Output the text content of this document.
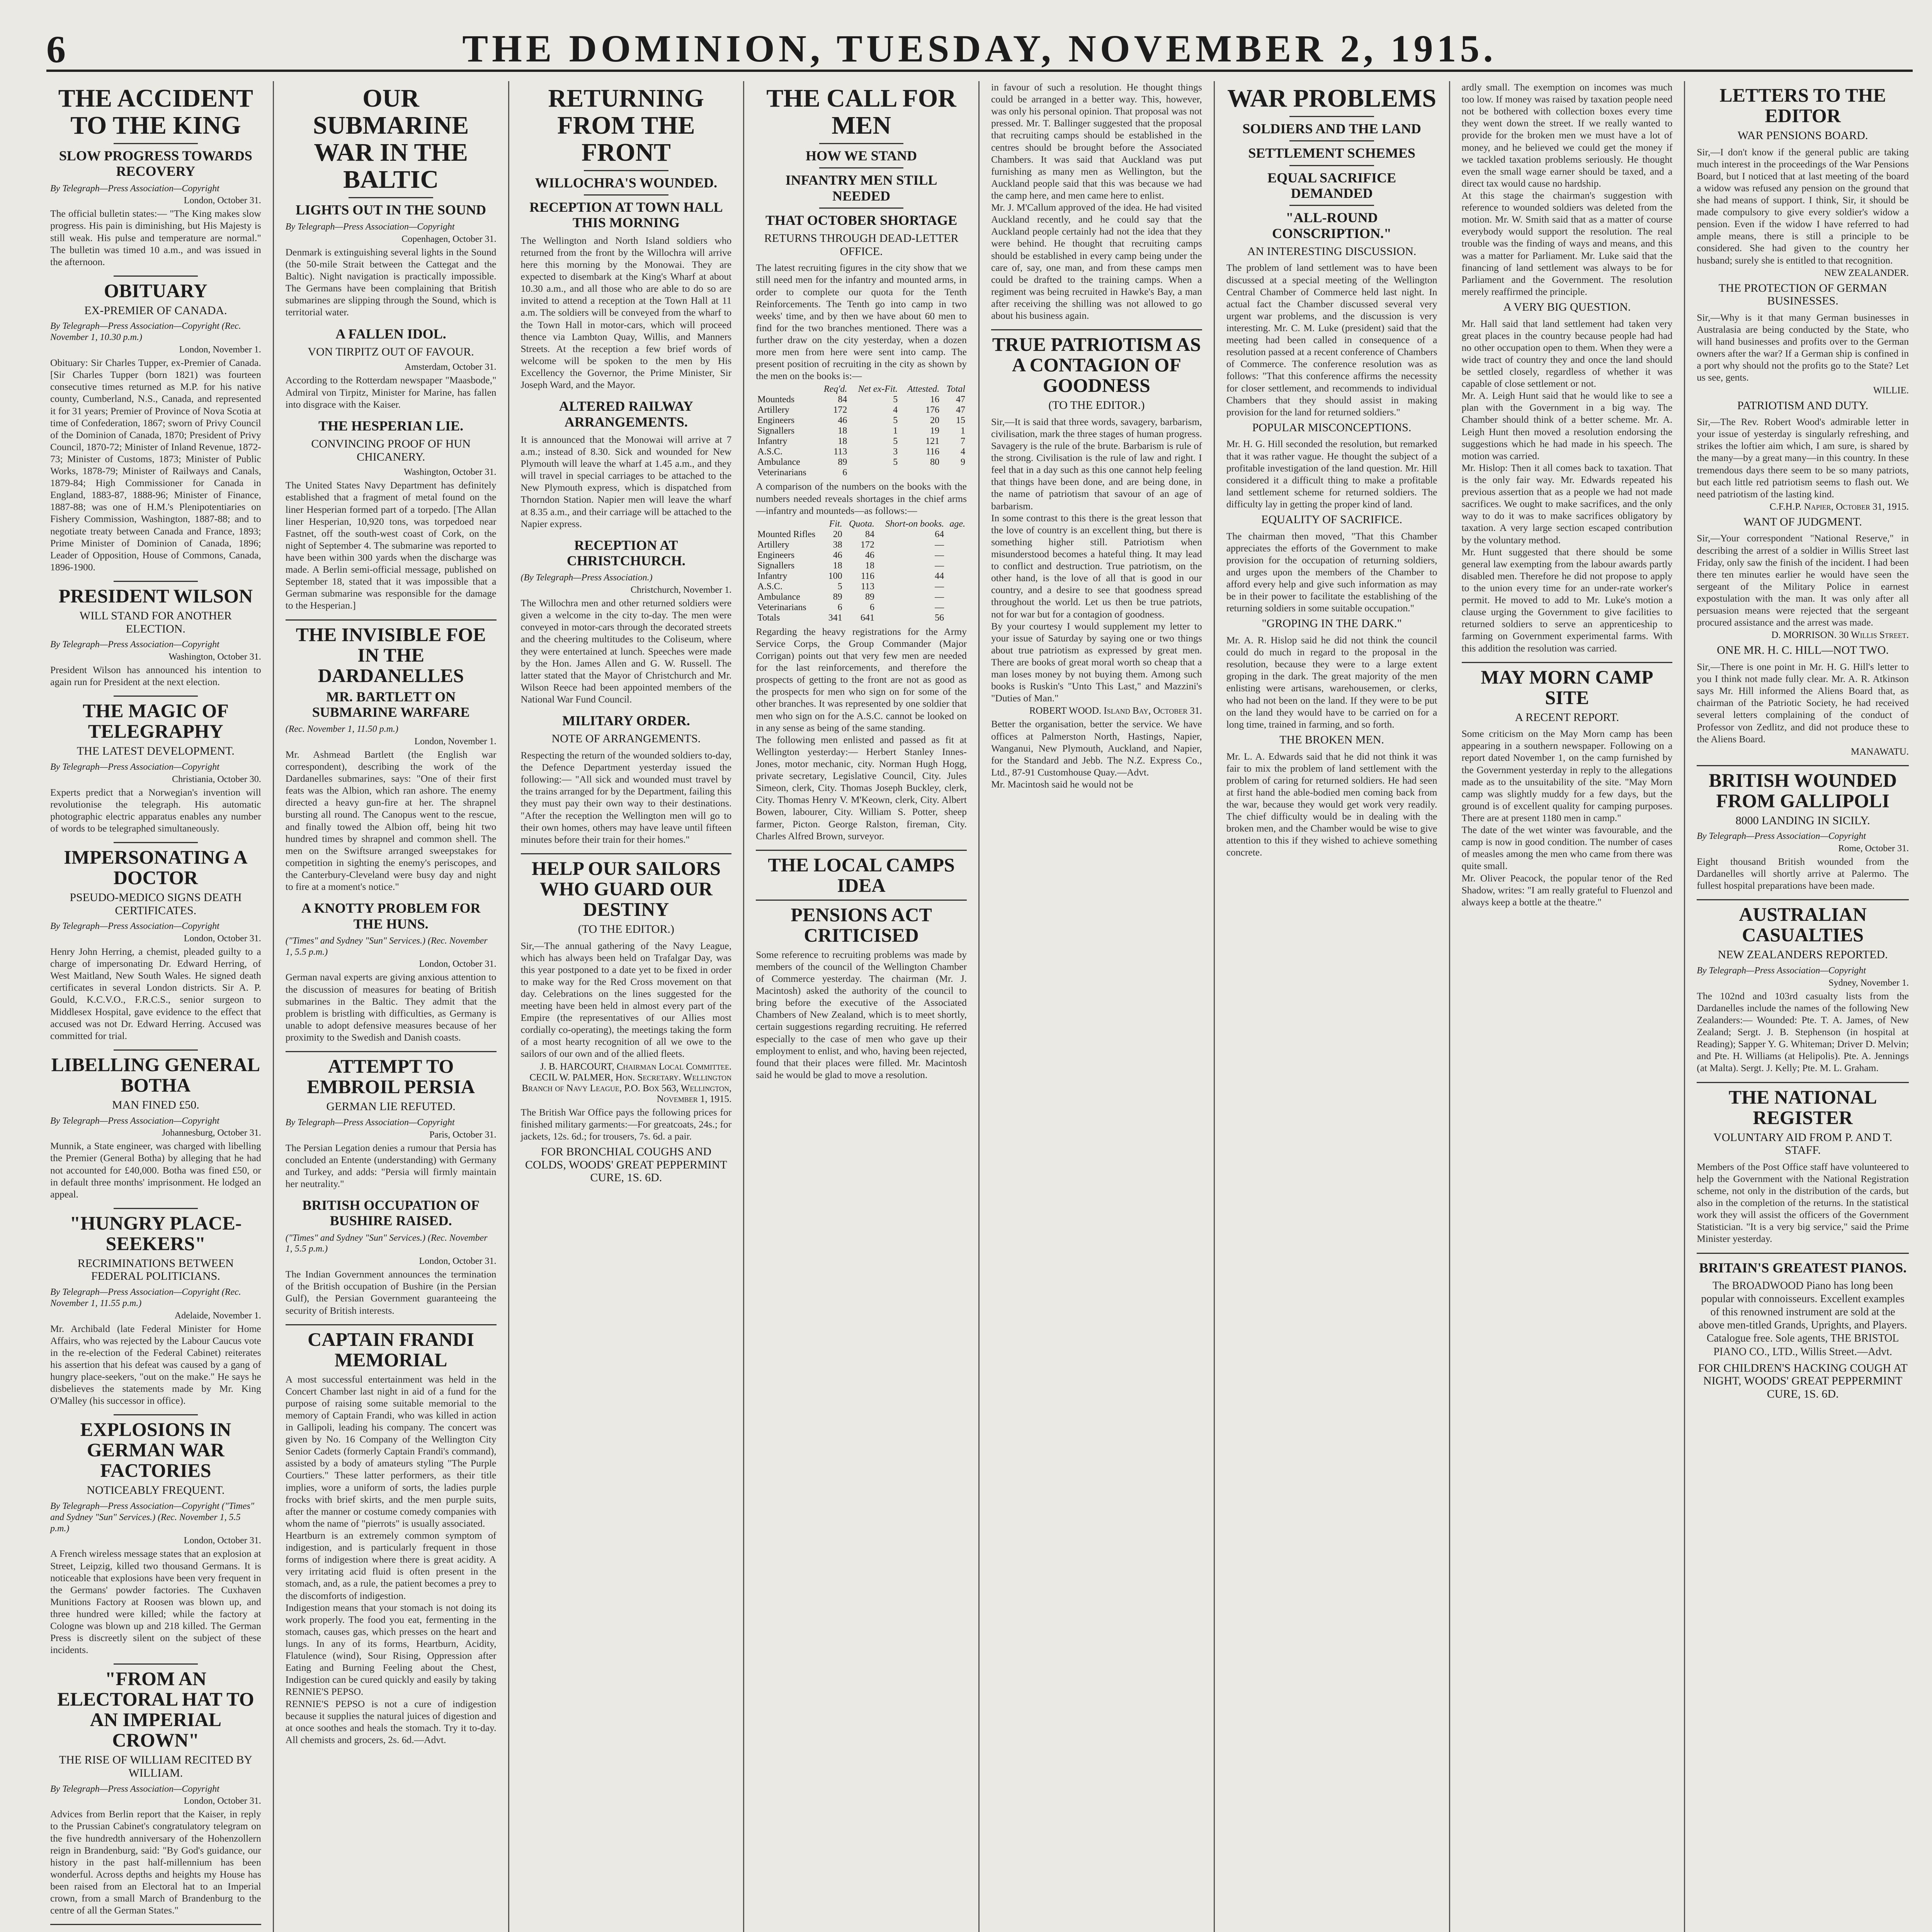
6	THE DOMINION, TUESDAY, NOVEMBER 2, 1915.
THE ACCIDENT TO THE KING
SLOW PROGRESS TOWARDS RECOVERY
By Telegraph—Press Association—Copyright
London, October 31.

The official bulletin states:— "The King makes slow progress. His pain is diminishing, but His Majesty is still weak. His pulse and temperature are normal." The bulletin was timed 10 a.m., and was issued in the afternoon.

OBITUARY
EX-PREMIER OF CANADA.
By Telegraph—Press Association—Copyright (Rec. November 1, 10.30 p.m.)
London, November 1.

Obituary: Sir Charles Tupper, ex-Premier of Canada. [Sir Charles Tupper (born 1821) was fourteen consecutive times returned as M.P. for his native county, Cumberland, N.S., Canada, and represented it for 31 years; Premier of Province of Nova Scotia at time of Confederation, 1867; sworn of Privy Council of the Dominion of Canada, 1870; President of Privy Council, 1870-72; Minister of Inland Revenue, 1872-73; Minister of Customs, 1873; Minister of Public Works, 1878-79; Minister of Railways and Canals, 1879-84; High Commissioner for Canada in England, 1883-87, 1888-96; Minister of Finance, 1887-88; was one of H.M.'s Plenipotentiaries on Fishery Commission, Washington, 1887-88; and to negotiate treaty between Canada and France, 1893; Prime Minister of Dominion of Canada, 1896; Leader of Opposition, House of Commons, Canada, 1896-1900.

PRESIDENT WILSON
WILL STAND FOR ANOTHER ELECTION.
By Telegraph—Press Association—Copyright
Washington, October 31.

President Wilson has announced his intention to again run for President at the next election.

THE MAGIC OF TELEGRAPHY
THE LATEST DEVELOPMENT.
By Telegraph—Press Association—Copyright
Christiania, October 30.

Experts predict that a Norwegian's invention will revolutionise the telegraph. His automatic photographic electric apparatus enables any number of words to be telegraphed simultaneously.

IMPERSONATING A DOCTOR
PSEUDO-MEDICO SIGNS DEATH CERTIFICATES.
By Telegraph—Press Association—Copyright
London, October 31.

Henry John Herring, a chemist, pleaded guilty to a charge of impersonating Dr. Edward Herring, of West Maitland, New South Wales. He signed death certificates in several London districts. Sir A. P. Gould, K.C.V.O., F.R.C.S., senior surgeon to Middlesex Hospital, gave evidence to the effect that accused was not Dr. Edward Herring. Accused was committed for trial.

LIBELLING GENERAL BOTHA
MAN FINED £50.
By Telegraph—Press Association—Copyright
Johannesburg, October 31.

Munnik, a State engineer, was charged with libelling the Premier (General Botha) by alleging that he had not accounted for £40,000. Botha was fined £50, or in default three months' imprisonment. He lodged an appeal.

"HUNGRY PLACE-SEEKERS"
RECRIMINATIONS BETWEEN FEDERAL POLITICIANS.
By Telegraph—Press Association—Copyright (Rec. November 1, 11.55 p.m.)
Adelaide, November 1.

Mr. Archibald (late Federal Minister for Home Affairs, who was rejected by the Labour Caucus vote in the re-election of the Federal Cabinet) reiterates his assertion that his defeat was caused by a gang of hungry place-seekers, "out on the make." He says he disbelieves the statements made by Mr. King O'Malley (his successor in office).

EXPLOSIONS IN GERMAN WAR FACTORIES
NOTICEABLY FREQUENT.
By Telegraph—Press Association—Copyright ("Times" and Sydney "Sun" Services.) (Rec. November 1, 5.5 p.m.)
London, October 31.

A French wireless message states that an explosion at Street, Leipzig, killed two thousand Germans. It is noticeable that explosions have been very frequent in the Germans' powder factories. The Cuxhaven Munitions Factory at Roosen was blown up, and three hundred were killed; while the factory at Cologne was blown up and 218 killed. The German Press is discreetly silent on the subject of these incidents.

"FROM AN ELECTORAL HAT TO AN IMPERIAL CROWN"
THE RISE OF WILLIAM RECITED BY WILLIAM.
By Telegraph—Press Association—Copyright
London, October 31.

Advices from Berlin report that the Kaiser, in reply to the Prussian Cabinet's congratulatory telegram on the five hundredth anniversary of the Hohenzollern reign in Brandenburg, said: "By God's guidance, our history in the past half-millennium has been wonderful. Across depths and heights my House has been raised from an Electoral hat to an Imperial crown, from a small March of Brandenburg to the centre of all the German States."

OUR SUBMARINE WAR IN THE BALTIC
LIGHTS OUT IN THE SOUND
By Telegraph—Press Association—Copyright
Copenhagen, October 31.

Denmark is extinguishing several lights in the Sound (the 50-mile Strait between the Cattegat and the Baltic). Night navigation is practically impossible. The Germans have been complaining that British submarines are slipping through the Sound, which is territorial water.

A FALLEN IDOL.
VON TIRPITZ OUT OF FAVOUR.
Amsterdam, October 31.

According to the Rotterdam newspaper "Maasbode," Admiral von Tirpitz, Minister for Marine, has fallen into disgrace with the Kaiser.

THE HESPERIAN LIE.
CONVINCING PROOF OF HUN CHICANERY.
Washington, October 31.

The United States Navy Department has definitely established that a fragment of metal found on the liner Hesperian formed part of a torpedo. [The Allan liner Hesperian, 10,920 tons, was torpedoed near Fastnet, off the south-west coast of Cork, on the night of September 4. The submarine was reported to have been within 300 yards when the discharge was made. A Berlin semi-official message, published on September 18, stated that it was impossible that a German submarine was responsible for the damage to the Hesperian.]

THE INVISIBLE FOE IN THE DARDANELLES
MR. BARTLETT ON SUBMARINE WARFARE
(Rec. November 1, 11.50 p.m.)
London, November 1.

Mr. Ashmead Bartlett (the English war correspondent), describing the work of the Dardanelles submarines, says: "One of their first feats was the Albion, which ran ashore. The enemy directed a heavy gun-fire at her. The shrapnel bursting all round. The Canopus went to the rescue, and finally towed the Albion off, being hit two hundred times by shrapnel and common shell. The men on the Swiftsure arranged sweepstakes for competition in sighting the enemy's periscopes, and the Canterbury-Cleveland were busy day and night to fire at a moment's notice."

A KNOTTY PROBLEM FOR THE HUNS.
("Times" and Sydney "Sun" Services.) (Rec. November 1, 5.5 p.m.)
London, October 31.

German naval experts are giving anxious attention to the discussion of measures for beating of British submarines in the Baltic. They admit that the problem is bristling with difficulties, as Germany is unable to adopt defensive measures because of her proximity to the Swedish and Danish coasts.

ATTEMPT TO EMBROIL PERSIA
GERMAN LIE REFUTED.
By Telegraph—Press Association—Copyright
Paris, October 31.

The Persian Legation denies a rumour that Persia has concluded an Entente (understanding) with Germany and Turkey, and adds: "Persia will firmly maintain her neutrality."

BRITISH OCCUPATION OF BUSHIRE RAISED.
("Times" and Sydney "Sun" Services.) (Rec. November 1, 5.5 p.m.)
London, October 31.

The Indian Government announces the termination of the British occupation of Bushire (in the Persian Gulf), the Persian Government guaranteeing the security of British interests.

CAPTAIN FRANDI MEMORIAL

A most successful entertainment was held in the Concert Chamber last night in aid of a fund for the purpose of raising some suitable memorial to the memory of Captain Frandi, who was killed in action in Gallipoli, leading his company. The concert was given by No. 16 Company of the Wellington City Senior Cadets (formerly Captain Frandi's command), assisted by a body of amateurs styling "The Purple Courtiers." These latter performers, as their title implies, wore a uniform of sorts, the ladies purple frocks with brief skirts, and the men purple suits, after the manner or costume comedy companies with whom the name of "pierrots" is usually associated.

Heartburn is an extremely common symptom of indigestion, and is particularly frequent in those forms of indigestion where there is great acidity. A very irritating acid fluid is often present in the stomach, and, as a rule, the patient becomes a prey to the discomforts of indigestion.

Indigestion means that your stomach is not doing its work properly. The food you eat, fermenting in the stomach, causes gas, which presses on the heart and lungs. In any of its forms, Heartburn, Acidity, Flatulence (wind), Sour Rising, Oppression after Eating and Burning Feeling about the Chest, Indigestion can be cured quickly and easily by taking RENNIE'S PEPSO.

RENNIE'S PEPSO is not a cure of indigestion because it supplies the natural juices of digestion and at once soothes and heals the stomach. Try it to-day. All chemists and grocers, 2s. 6d.—Advt.

RETURNING FROM THE FRONT
WILLOCHRA'S WOUNDED.
RECEPTION AT TOWN HALL THIS MORNING

The Wellington and North Island soldiers who returned from the front by the Willochra will arrive here this morning by the Monowai. They are expected to disembark at the King's Wharf at about 10.30 a.m., and all those who are able to do so are invited to attend a reception at the Town Hall at 11 a.m. The soldiers will be conveyed from the wharf to the Town Hall in motor-cars, which will proceed thence via Lambton Quay, Willis, and Manners Streets. At the reception a few brief words of welcome will be spoken to the men by His Excellency the Governor, the Prime Minister, Sir Joseph Ward, and the Mayor.

ALTERED RAILWAY ARRANGEMENTS.

It is announced that the Monowai will arrive at 7 a.m.; instead of 8.30. Sick and wounded for New Plymouth will leave the wharf at 1.45 a.m., and they will travel in special carriages to be attached to the New Plymouth express, which is dispatched from Thorndon Station. Napier men will leave the wharf at 8.35 a.m., and their carriage will be attached to the Napier express.

RECEPTION AT CHRISTCHURCH.
(By Telegraph—Press Association.)
Christchurch, November 1.

The Willochra men and other returned soldiers were given a welcome in the city to-day. The men were conveyed in motor-cars through the decorated streets and the cheering multitudes to the Coliseum, where they were entertained at lunch. Speeches were made by the Hon. James Allen and G. W. Russell. The latter stated that the Mayor of Christchurch and Mr. Wilson Reece had been appointed members of the National War Fund Council.

MILITARY ORDER.
NOTE OF ARRANGEMENTS.

Respecting the return of the wounded soldiers to-day, the Defence Department yesterday issued the following:— "All sick and wounded must travel by the trains arranged for by the Department, failing this they must pay their own way to their destinations. "After the reception the Wellington men will go to their own homes, others may have leave until fifteen minutes before their train for their homes."

HELP OUR SAILORS WHO GUARD OUR DESTINY
(TO THE EDITOR.)

Sir,—The annual gathering of the Navy League, which has always been held on Trafalgar Day, was this year postponed to a date yet to be fixed in order to make way for the Red Cross movement on that day. Celebrations on the lines suggested for the meeting have been held in almost every part of the Empire (the representatives of our Allies most cordially co-operating), the meetings taking the form of a most hearty recognition of all we owe to the sailors of our own and of the allied fleets.

J. B. HARCOURT, Chairman Local Committee. CECIL W. PALMER, Hon. Secretary. Wellington Branch of Navy League, P.O. Box 563, Wellington, November 1, 1915.

The British War Office pays the following prices for finished military garments:—For greatcoats, 24s.; for jackets, 12s. 6d.; for trousers, 7s. 6d. a pair.

FOR BRONCHIAL COUGHS AND COLDS, WOODS' GREAT PEPPERMINT CURE, 1S. 6D.
THE CALL FOR MEN
HOW WE STAND
INFANTRY MEN STILL NEEDED
THAT OCTOBER SHORTAGE
RETURNS THROUGH DEAD-LETTER OFFICE.

The latest recruiting figures in the city show that we still need men for the infantry and mounted arms, in order to complete our quota for the Tenth Reinforcements. The Tenth go into camp in two weeks' time, and by then we have about 60 men to find for the two branches mentioned. There was a further draw on the city yesterday, when a dozen more men from here were sent into camp. The present position of recruiting in the city as shown by the men on the books is:—

	Req'd.	Net ex-Fit.	Attested.	Total
Mounteds	84	5	16	47
Artillery	172	4	176	47
Engineers	46	5	20	15
Signallers	18	1	19	1
Infantry	18	5	121	7
A.S.C.	113	3	116	4
Ambulance	89	5	80	9
Veterinarians	6			

A comparison of the numbers on the books with the numbers needed reveals shortages in the chief arms—infantry and mounteds—as follows:—

	Fit.	Quota.	Short-on books.	age.
Mounted Rifles	20	84	64	
Artillery	38	172	—	
Engineers	46	46	—	
Signallers	18	18	—	
Infantry	100	116	44	
A.S.C.	5	113	—	
Ambulance	89	89	—	
Veterinarians	6	6	—	
Totals	341	641	56	

Regarding the heavy registrations for the Army Service Corps, the Group Commander (Major Corrigan) points out that very few men are needed for the last reinforcements, and therefore the prospects of getting to the front are not as good as the prospects for men who sign on for some of the other branches. It was represented by one soldier that men who sign on for the A.S.C. cannot be looked on in any sense as being of the same standing.

The following men enlisted and passed as fit at Wellington yesterday:— Herbert Stanley Innes-Jones, motor mechanic, city. Norman Hugh Hogg, private secretary, Legislative Council, City. Jules Simeon, clerk, City. Thomas Joseph Buckley, clerk, City. Thomas Henry V. M'Keown, clerk, City. Albert Bowen, labourer, City. William S. Potter, sheep farmer, Picton. George Ralston, fireman, City. Charles Alfred Brown, surveyor.

THE LOCAL CAMPS IDEA
PENSIONS ACT CRITICISED

Some reference to recruiting problems was made by members of the council of the Wellington Chamber of Commerce yesterday. The chairman (Mr. J. Macintosh) asked the authority of the council to bring before the executive of the Associated Chambers of New Zealand, which is to meet shortly, certain suggestions regarding recruiting. He referred especially to the case of men who gave up their employment to enlist, and who, having been rejected, found that their places were filled. Mr. Macintosh said he would be glad to move a resolution.

in favour of such a resolution. He thought things could be arranged in a better way. This, however, was only his personal opinion. That proposal was not pressed. Mr. T. Ballinger suggested that the proposal that recruiting camps should be established in the centres should be brought before the Associated Chambers. It was said that Auckland was put furnishing as many men as Wellington, but the Auckland people said that this was because we had the camp here, and men came here to enlist.

Mr. J. M'Callum approved of the idea. He had visited Auckland recently, and he could say that the Auckland people certainly had not the idea that they were behind. He thought that recruiting camps should be established in every camp being under the care of, say, one man, and from these camps men could be drafted to the training camps. When a regiment was being recruited in Hawke's Bay, a man after receiving the shilling was not allowed to go about his business again.

TRUE PATRIOTISM AS A CONTAGION OF GOODNESS
(TO THE EDITOR.)

Sir,—It is said that three words, savagery, barbarism, civilisation, mark the three stages of human progress. Savagery is the rule of the brute. Barbarism is rule of the strong. Civilisation is the rule of law and right. I feel that in a day such as this one cannot help feeling that things have been done, and are being done, in the name of patriotism that savour of an age of barbarism.

In some contrast to this there is the great lesson that the love of country is an excellent thing, but there is something higher still. Patriotism when misunderstood becomes a hateful thing. It may lead to conflict and destruction. True patriotism, on the other hand, is the love of all that is good in our country, and a desire to see that goodness spread throughout the world. Let us then be true patriots, not for war but for a contagion of goodness.

By your courtesy I would supplement my letter to your issue of Saturday by saying one or two things about true patriotism as expressed by great men. There are books of great moral worth so cheap that a man loses money by not buying them. Among such books is Ruskin's "Unto This Last," and Mazzini's "Duties of Man."

ROBERT WOOD. Island Bay, October 31.

Better the organisation, better the service. We have offices at Palmerston North, Hastings, Napier, Wanganui, New Plymouth, Auckland, and Napier, for the Standard and Jebb. The N.Z. Express Co., Ltd., 87-91 Customhouse Quay.—Advt.

Mr. Macintosh said he would not be

WAR PROBLEMS
SOLDIERS AND THE LAND
SETTLEMENT SCHEMES
EQUAL SACRIFICE DEMANDED
"ALL-ROUND CONSCRIPTION."
AN INTERESTING DISCUSSION.

The problem of land settlement was to have been discussed at a special meeting of the Wellington Central Chamber of Commerce held last night. In actual fact the Chamber discussed several very urgent war problems, and the discussion is very interesting. Mr. C. M. Luke (president) said that the meeting had been called in consequence of a resolution passed at a recent conference of Chambers of Commerce. The conference resolution was as follows: "That this conference affirms the necessity for closer settlement, and recommends to individual Chambers that they should assist in making provision for the land for returned soldiers."

POPULAR MISCONCEPTIONS.

Mr. H. G. Hill seconded the resolution, but remarked that it was rather vague. He thought the subject of a profitable investigation of the land question. Mr. Hill considered it a difficult thing to make a profitable land settlement scheme for returned soldiers. The difficulty lay in getting the proper kind of land.

EQUALITY OF SACRIFICE.

The chairman then moved, "That this Chamber appreciates the efforts of the Government to make provision for the occupation of returning soldiers, and urges upon the members of the Chamber to afford every help and give such information as may be in their power to facilitate the establishing of the returning soldiers in some suitable occupation."

"GROPING IN THE DARK."

Mr. A. R. Hislop said he did not think the council could do much in regard to the proposal in the resolution, because they were to a large extent groping in the dark. The great majority of the men enlisting were artisans, warehousemen, or clerks, who had not been on the land. If they were to be put on the land they would have to be carried on for a long time, trained in farming, and so forth.

THE BROKEN MEN.

Mr. L. A. Edwards said that he did not think it was fair to mix the problem of land settlement with the problem of caring for returned soldiers. He had seen at first hand the able-bodied men coming back from the war, because they would get work very readily. The chief difficulty would be in dealing with the broken men, and the Chamber would be wise to give attention to this if they wished to achieve something concrete.

ardly small. The exemption on incomes was much too low. If money was raised by taxation people need not be bothered with collection boxes every time they went down the street. If we really wanted to provide for the broken men we must have a lot of money, and he believed we could get the money if we tackled taxation problems seriously. He thought even the small wage earner should be taxed, and a direct tax would cause no hardship.

At this stage the chairman's suggestion with reference to wounded soldiers was deleted from the motion. Mr. W. Smith said that as a matter of course everybody would support the resolution. The real trouble was the finding of ways and means, and this was a matter for Parliament. Mr. Luke said that the financing of land settlement was always to be for Parliament and the Government. The resolution merely reaffirmed the principle.

A VERY BIG QUESTION.

Mr. Hall said that land settlement had taken very great places in the country because people had had no other occupation open to them. When they were a wide tract of country they and once the land should be settled closely, regardless of whether it was capable of close settlement or not.

Mr. A. Leigh Hunt said that he would like to see a plan with the Government in a big way. The Chamber should think of a better scheme. Mr. A. Leigh Hunt then moved a resolution endorsing the suggestions which he had made in his speech. The motion was carried.

Mr. Hislop: Then it all comes back to taxation. That is the only fair way. Mr. Edwards repeated his previous assertion that as a people we had not made sacrifices. We ought to make sacrifices, and the only way to do it was to make sacrifices obligatory by taxation. A very large section escaped contribution by the voluntary method.

Mr. Hunt suggested that there should be some general law exempting from the labour awards partly disabled men. Therefore he did not propose to apply to the union every time for an under-rate worker's permit. He moved to add to Mr. Luke's motion a clause urging the Government to give facilities to returned soldiers to serve an apprenticeship to farming on Government experimental farms. With this addition the resolution was carried.

MAY MORN CAMP SITE
A RECENT REPORT.

Some criticism on the May Morn camp has been appearing in a southern newspaper. Following on a report dated November 1, on the camp furnished by the Government yesterday in reply to the allegations made as to the unsuitability of the site. "May Morn camp was slightly muddy for a few days, but the ground is of excellent quality for camping purposes. There are at present 1180 men in camp."

The date of the wet winter was favourable, and the camp is now in good condition. The number of cases of measles among the men who came from there was quite small.

Mr. Oliver Peacock, the popular tenor of the Red Shadow, writes: "I am really grateful to Fluenzol and always keep a bottle at the theatre."

LETTERS TO THE EDITOR
WAR PENSIONS BOARD.

Sir,—I don't know if the general public are taking much interest in the proceedings of the War Pensions Board, but I noticed that at last meeting of the board a widow was refused any pension on the ground that she had means of support. I think, Sir, it should be made compulsory to give every soldier's widow a pension. Even if the widow I have referred to had ample means, there is still a principle to be considered. She had given to the country her husband; surely she is entitled to that recognition.

NEW ZEALANDER.
THE PROTECTION OF GERMAN BUSINESSES.

Sir,—Why is it that many German businesses in Australasia are being conducted by the State, who will hand businesses and profits over to the German owners after the war? If a German ship is confined in a port why should not the profits go to the State? Let us see, gents.

WILLIE.
PATRIOTISM AND DUTY.

Sir,—The Rev. Robert Wood's admirable letter in your issue of yesterday is singularly refreshing, and strikes the loftier aim which, I am sure, is shared by the many—by a great many—in this country. In these tremendous days there seem to be so many patriots, but each little red patriotism seems to flash out. We need patriotism of the lasting kind.

C.F.H.P. Napier, October 31, 1915.
WANT OF JUDGMENT.

Sir,—Your correspondent "National Reserve," in describing the arrest of a soldier in Willis Street last Friday, only saw the finish of the incident. I had been there ten minutes earlier he would have seen the sergeant of the Military Police in earnest expostulation with the man. It was only after all persuasion means were rejected that the sergeant procured assistance and the arrest was made.

D. MORRISON. 30 Willis Street.
ONE MR. H. C. HILL—NOT TWO.

Sir,—There is one point in Mr. H. G. Hill's letter to you I think not made fully clear. Mr. A. R. Atkinson says Mr. Hill informed the Aliens Board that, as chairman of the Patriotic Society, he had received several letters complaining of the conduct of Professor von Zedlitz, and did not produce these to the Aliens Board.

MANAWATU.
BRITISH WOUNDED FROM GALLIPOLI
8000 LANDING IN SICILY.
By Telegraph—Press Association—Copyright
Rome, October 31.

Eight thousand British wounded from the Dardanelles will shortly arrive at Palermo. The fullest hospital preparations have been made.

AUSTRALIAN CASUALTIES
NEW ZEALANDERS REPORTED.
By Telegraph—Press Association—Copyright
Sydney, November 1.

The 102nd and 103rd casualty lists from the Dardanelles include the names of the following New Zealanders:— Wounded: Pte. T. A. James, of New Zealand; Sergt. J. B. Stephenson (in hospital at Reading); Sapper Y. G. Whiteman; Driver D. Melvin; and Pte. H. Williams (at Helipolis). Pte. A. Jennings (at Malta). Sergt. J. Kelly; Pte. M. L. Graham.

THE NATIONAL REGISTER
VOLUNTARY AID FROM P. AND T. STAFF.

Members of the Post Office staff have volunteered to help the Government with the National Registration scheme, not only in the distribution of the cards, but also in the completion of the returns. In the statistical work they will assist the officers of the Government Statistician. "It is a very big service," said the Prime Minister yesterday.

BRITAIN'S GREATEST PIANOS.

The BROADWOOD Piano has long been popular with connoisseurs. Excellent examples of this renowned instrument are sold at the above men-titled Grands, Uprights, and Players. Catalogue free. Sole agents, THE BRISTOL PIANO CO., LTD., Willis Street.—Advt.

FOR CHILDREN'S HACKING COUGH AT NIGHT, WOODS' GREAT PEPPERMINT CURE, 1S. 6D.
